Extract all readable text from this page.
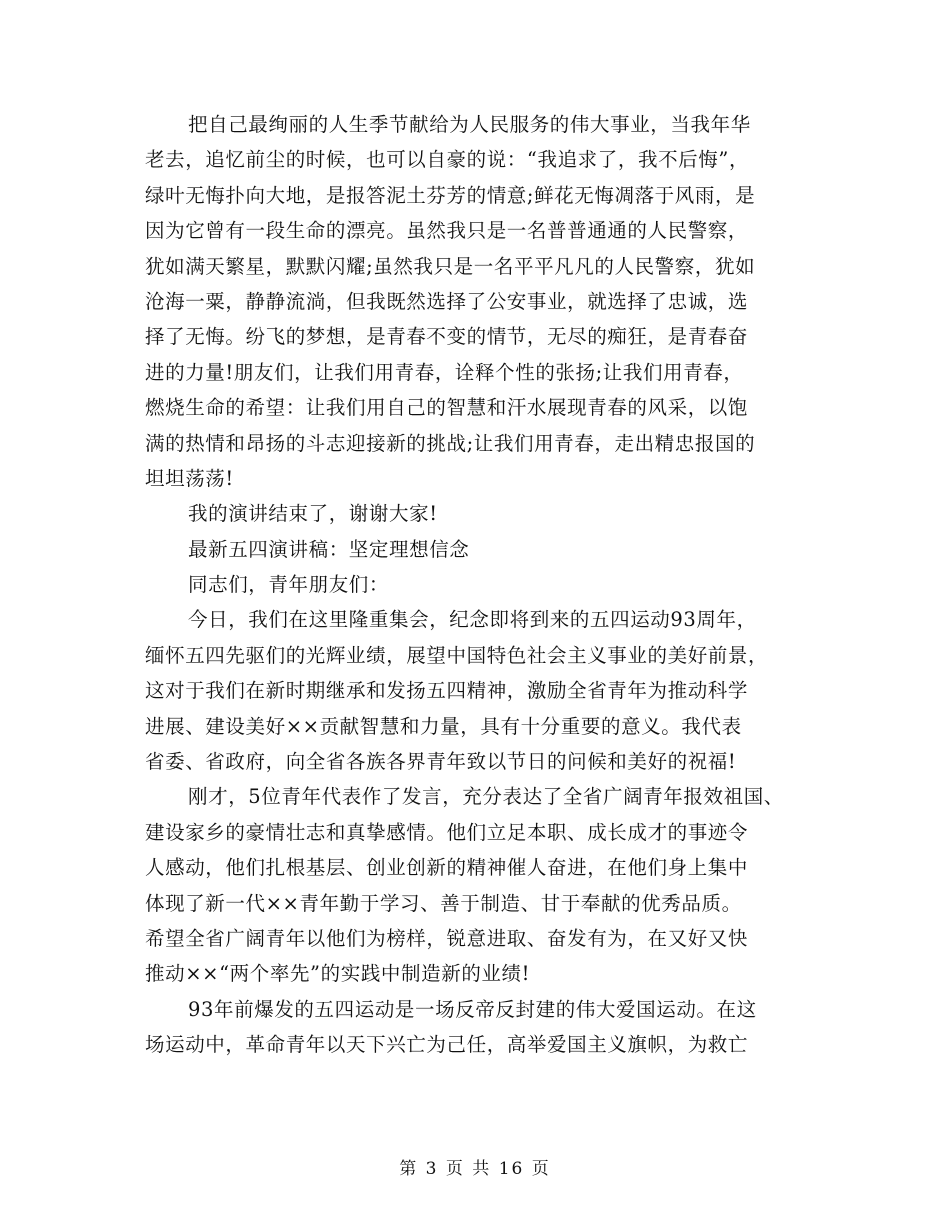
把自己最绚丽的人生季节献给为人民服务的伟大事业，当我年华
老去，追忆前尘的时候，也可以自豪的说：“我追求了，我不后悔”，
绿叶无悔扑向大地，是报答泥土芬芳的情意;鲜花无悔凋落于风雨，是
因为它曾有一段生命的漂亮。虽然我只是一名普普通通的人民警察，
犹如满天繁星，默默闪耀;虽然我只是一名平平凡凡的人民警察，犹如
沧海一粟，静静流淌，但我既然选择了公安事业，就选择了忠诚，选
择了无悔。纷飞的梦想，是青春不变的情节，无尽的痴狂，是青春奋
进的力量!朋友们，让我们用青春，诠释个性的张扬;让我们用青春，
燃烧生命的希望：让我们用自己的智慧和汗水展现青春的风采，以饱
满的热情和昂扬的斗志迎接新的挑战;让我们用青春，走出精忠报国的
坦坦荡荡!
我的演讲结束了，谢谢大家!
最新五四演讲稿：坚定理想信念
同志们，青年朋友们：
今日，我们在这里隆重集会，纪念即将到来的五四运动93周年，
缅怀五四先驱们的光辉业绩，展望中国特色社会主义事业的美好前景，
这对于我们在新时期继承和发扬五四精神，激励全省青年为推动科学
进展、建设美好××贡献智慧和力量，具有十分重要的意义。我代表
省委、省政府，向全省各族各界青年致以节日的问候和美好的祝福!
刚才，5位青年代表作了发言，充分表达了全省广阔青年报效祖国、
建设家乡的豪情壮志和真挚感情。他们立足本职、成长成才的事迹令
人感动，他们扎根基层、创业创新的精神催人奋进，在他们身上集中
体现了新一代××青年勤于学习、善于制造、甘于奉献的优秀品质。
希望全省广阔青年以他们为榜样，锐意进取、奋发有为，在又好又快
推动××“两个率先”的实践中制造新的业绩!
93年前爆发的五四运动是一场反帝反封建的伟大爱国运动。在这
场运动中，革命青年以天下兴亡为己任，高举爱国主义旗帜，为救亡
第 3 页 共 16 页
